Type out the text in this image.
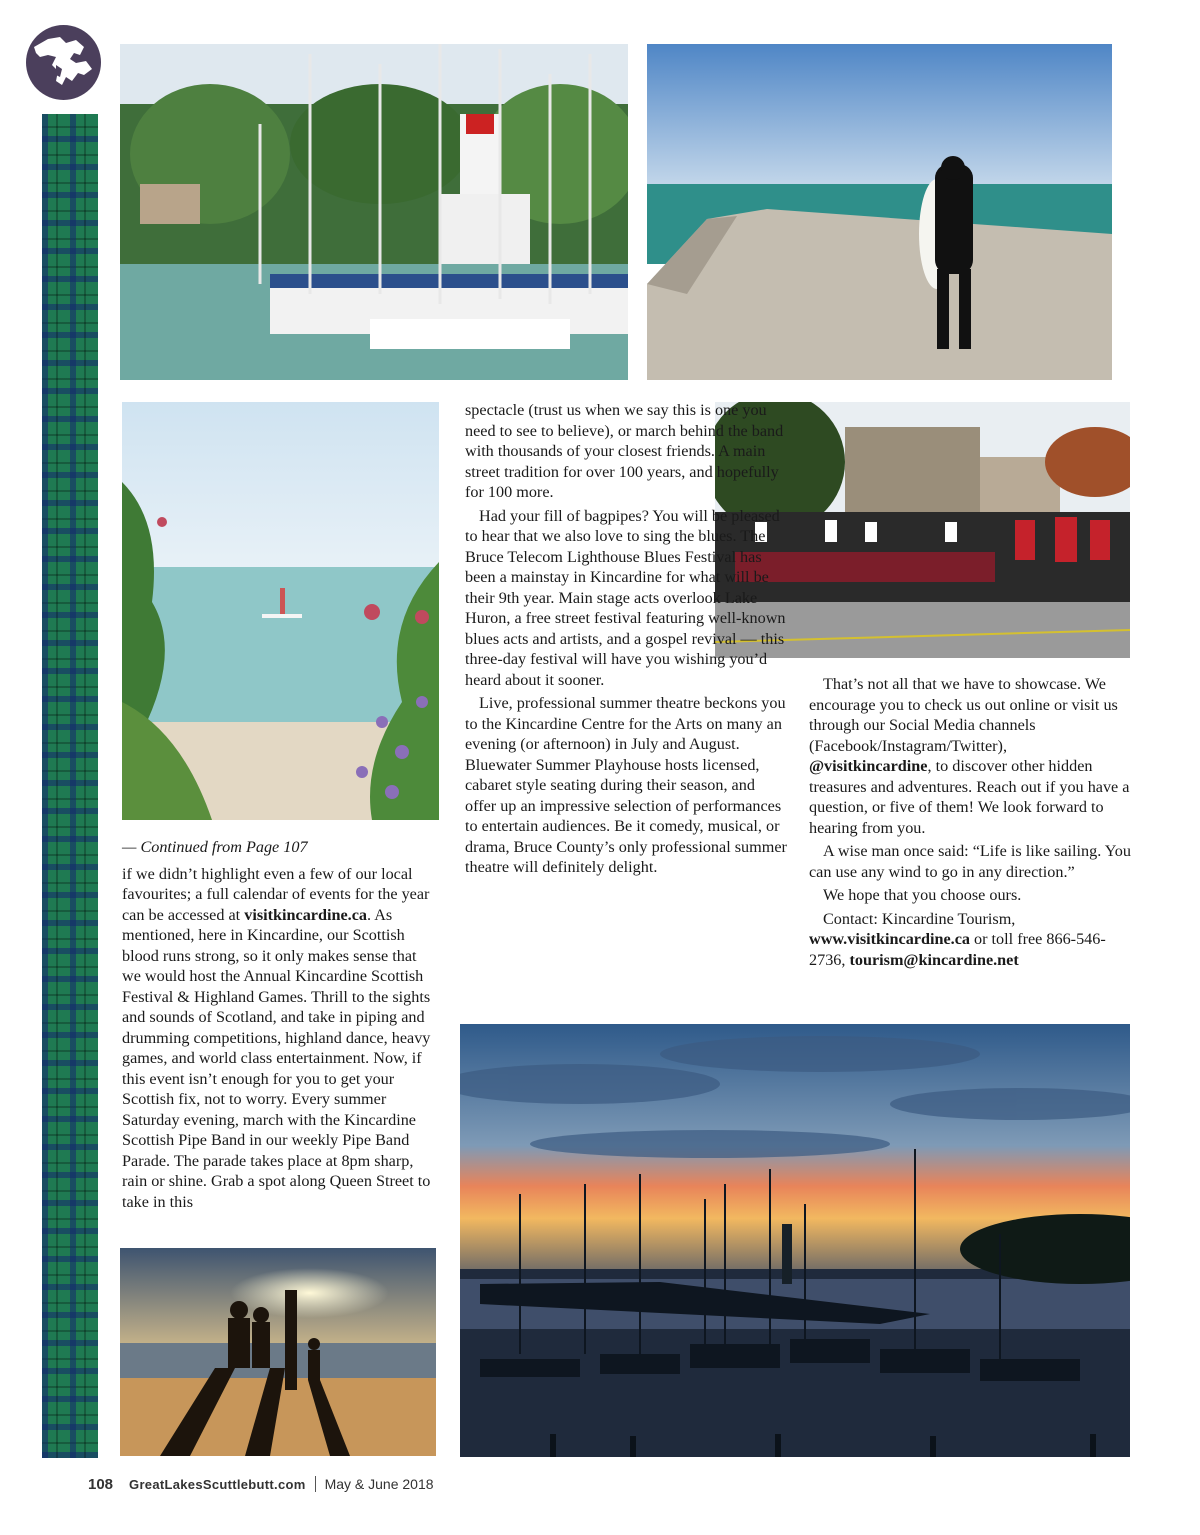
— Continued from Page 107

if we didn’t highlight even a few of our local favourites; a full calendar of events for the year can be accessed at visitkincardine.ca. As mentioned, here in Kincardine, our Scottish blood runs strong, so it only makes sense that we would host the Annual Kincardine Scottish Festival & Highland Games. Thrill to the sights and sounds of Scotland, and take in piping and drumming competitions, highland dance, heavy games, and world class entertainment. Now, if this event isn’t enough for you to get your Scottish fix, not to worry. Every summer Saturday evening, march with the Kincardine Scottish Pipe Band in our weekly Pipe Band Parade. The parade takes place at 8pm sharp, rain or shine. Grab a spot along Queen Street to take in this

spectacle (trust us when we say this is one you need to see to believe), or march behind the band with thousands of your closest friends. A main street tradition for over 100 years, and hopefully for 100 more.

Had your fill of bagpipes? You will be pleased to hear that we also love to sing the blues. The Bruce Telecom Lighthouse Blues Festival has been a mainstay in Kincardine for what will be their 9th year. Main stage acts overlook Lake Huron, a free street festival featuring well-known blues acts and artists, and a gospel revival — this three-day festival will have you wishing you’d heard about it sooner.

Live, professional summer theatre beckons you to the Kincardine Centre for the Arts on many an evening (or afternoon) in July and August. Bluewater Summer Playhouse hosts licensed, cabaret style seating during their season, and offer up an impressive selection of performances to entertain audiences. Be it comedy, musical, or drama, Bruce County’s only professional summer theatre will definitely delight.

That’s not all that we have to showcase. We encourage you to check us out online or visit us through our Social Media channels (Facebook/Instagram/Twitter), @visitkincardine, to discover other hidden treasures and adventures. Reach out if you have a question, or five of them! We look forward to hearing from you.

A wise man once said: “Life is like sailing. You can use any wind to go in any direction.”

We hope that you choose ours.

Contact: Kincardine Tourism, www.visitkincardine.ca or toll free 866-546-2736, tourism@kincardine.net

108 GreatLakesScuttlebutt.com May & June 2018
